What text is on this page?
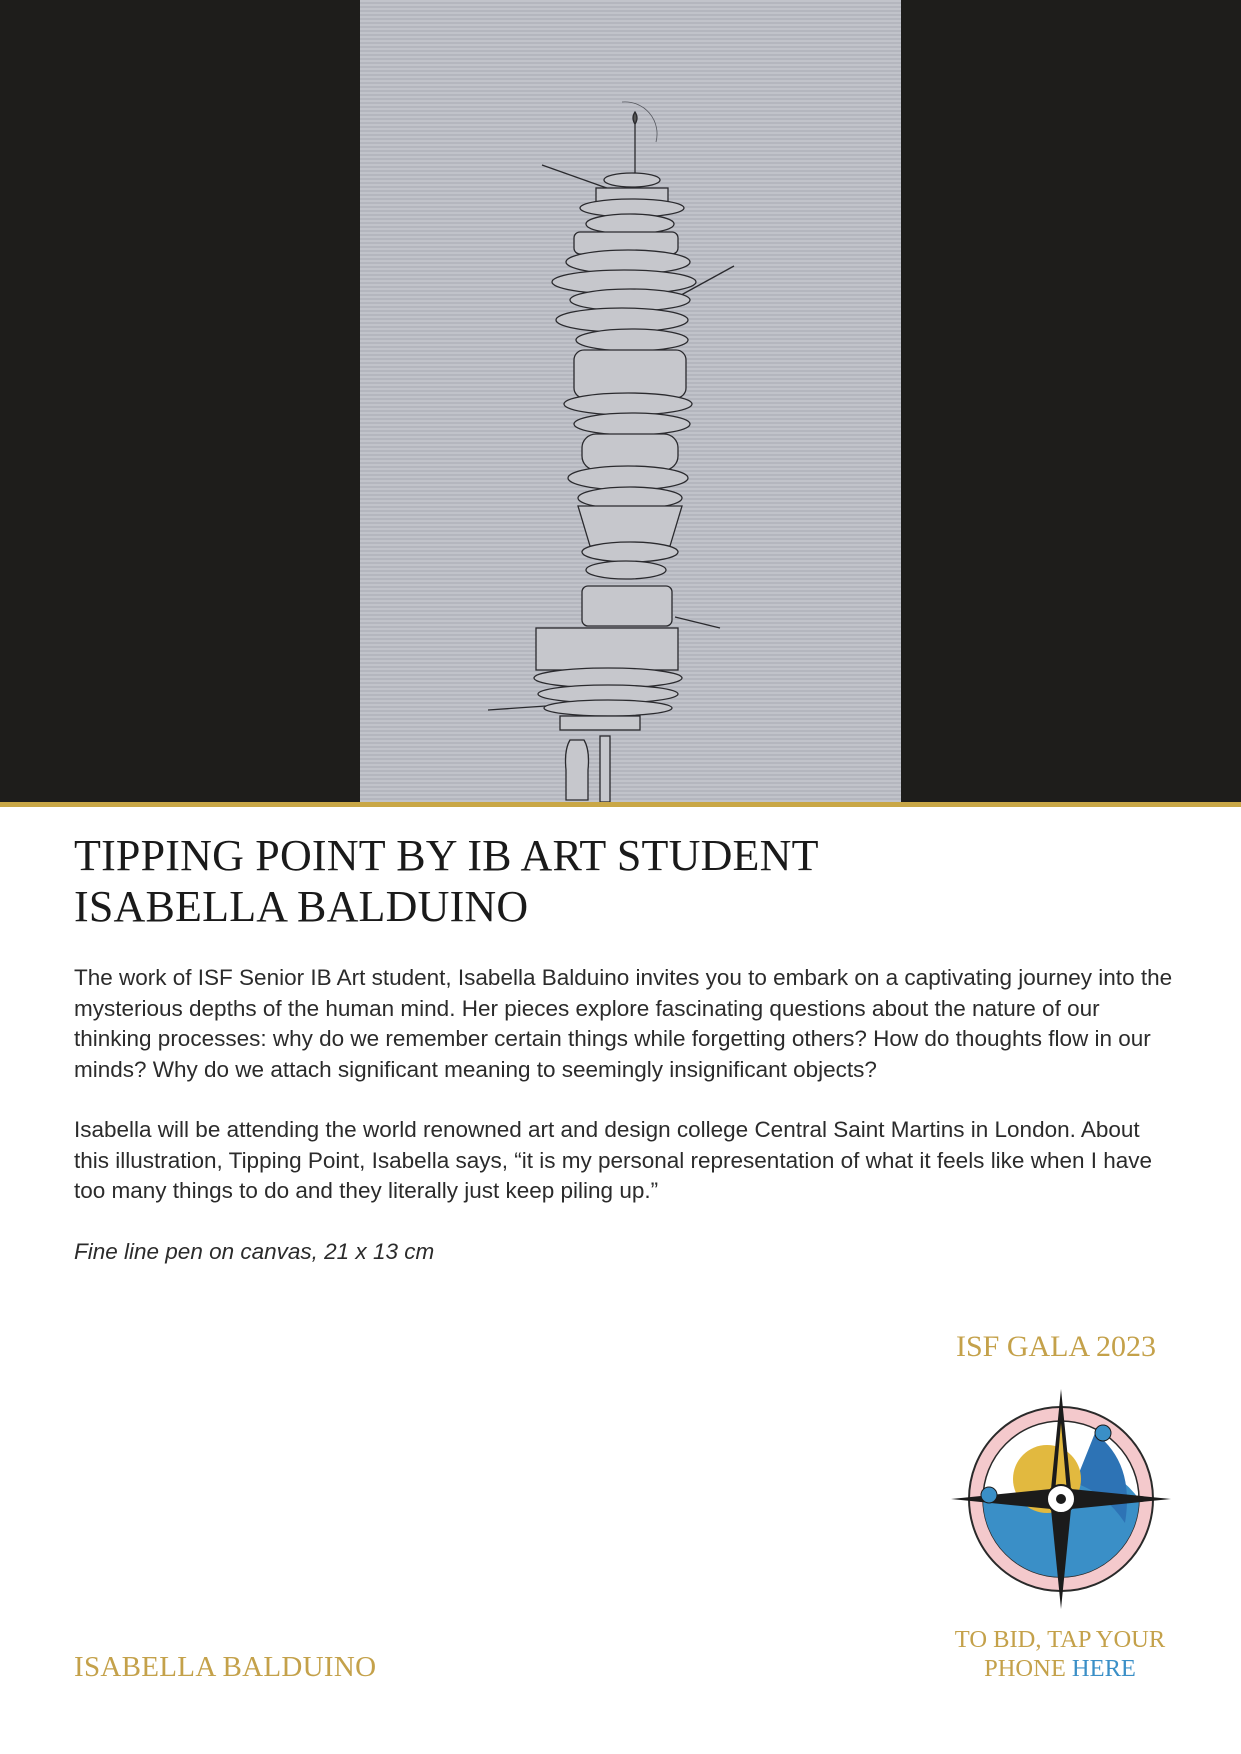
TIPPING POINT BY IB ART STUDENT
ISABELLA BALDUINO

The work of ISF Senior IB Art student, Isabella Balduino invites you to embark on a captivating journey into the mysterious depths of the human mind. Her pieces explore fascinating questions about the nature of our thinking processes: why do we remember certain things while forgetting others? How do thoughts flow in our minds? Why do we attach significant meaning to seemingly insignificant objects?

Isabella will be attending the world renowned art and design college Central Saint Martins in London. About this illustration, Tipping Point, Isabella says, “it is my personal representation of what it feels like when I have too many things to do and they literally just keep piling up.”

Fine line pen on canvas, 21 x 13 cm

ISF GALA 2023
TO BID, TAP YOUR
PHONE HERE
ISABELLA BALDUINO
